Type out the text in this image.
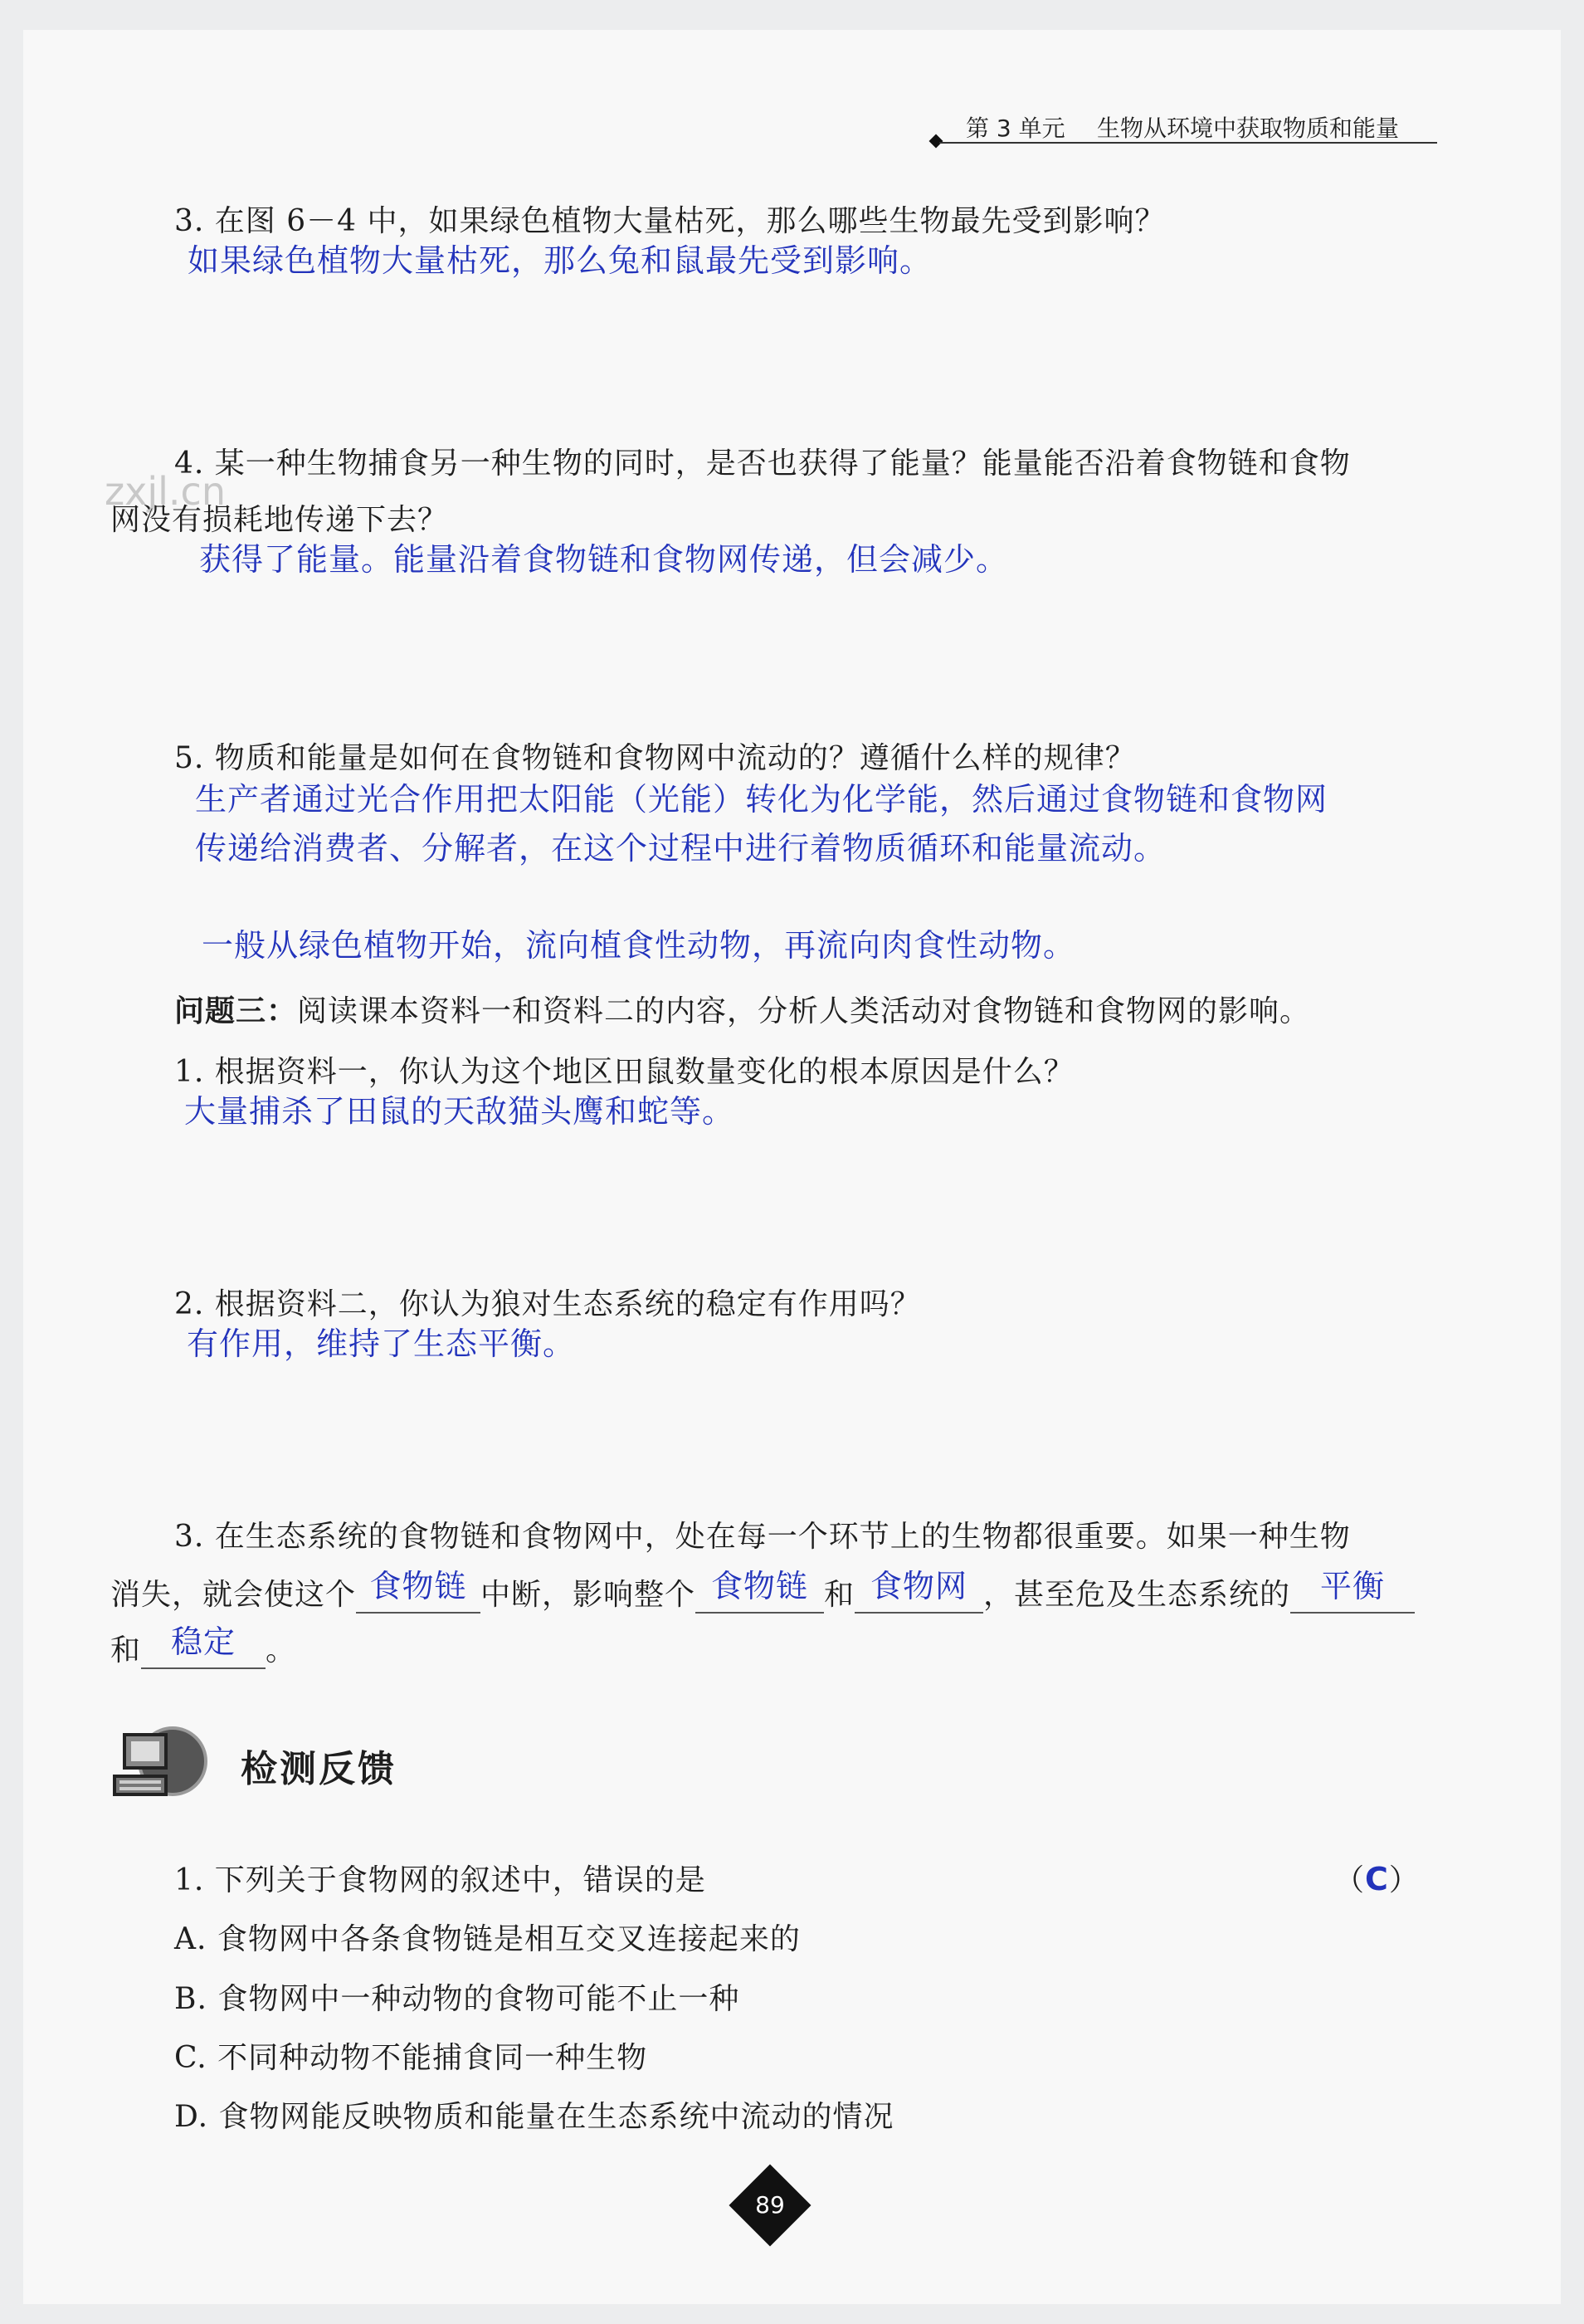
第 3 单元 生物从环境中获取物质和能量
zxjl.cn
3. 在图 6－4 中，如果绿色植物大量枯死，那么哪些生物最先受到影响？
如果绿色植物大量枯死，那么兔和鼠最先受到影响。
4. 某一种生物捕食另一种生物的同时，是否也获得了能量？能量能否沿着食物链和食物
网没有损耗地传递下去？
获得了能量。能量沿着食物链和食物网传递，但会减少。
5. 物质和能量是如何在食物链和食物网中流动的？遵循什么样的规律？
生产者通过光合作用把太阳能（光能）转化为化学能，然后通过食物链和食物网
传递给消费者、分解者，在这个过程中进行着物质循环和能量流动。
一般从绿色植物开始，流向植食性动物，再流向肉食性动物。
问题三：阅读课本资料一和资料二的内容，分析人类活动对食物链和食物网的影响。
1. 根据资料一，你认为这个地区田鼠数量变化的根本原因是什么？
大量捕杀了田鼠的天敌猫头鹰和蛇等。
2. 根据资料二，你认为狼对生态系统的稳定有作用吗？
有作用，维持了生态平衡。
3. 在生态系统的食物链和食物网中，处在每一个环节上的生物都很重要。如果一种生物
消失，就会使这个 食物链 中断，影响整个 食物链 和 食物网 ，甚至危及生态系统的 平衡
和 稳定	。
检测反馈
1. 下列关于食物网的叙述中，错误的是	（C）
A. 食物网中各条食物链是相互交叉连接起来的
B. 食物网中一种动物的食物可能不止一种
C. 不同种动物不能捕食同一种生物
D. 食物网能反映物质和能量在生态系统中流动的情况
89
